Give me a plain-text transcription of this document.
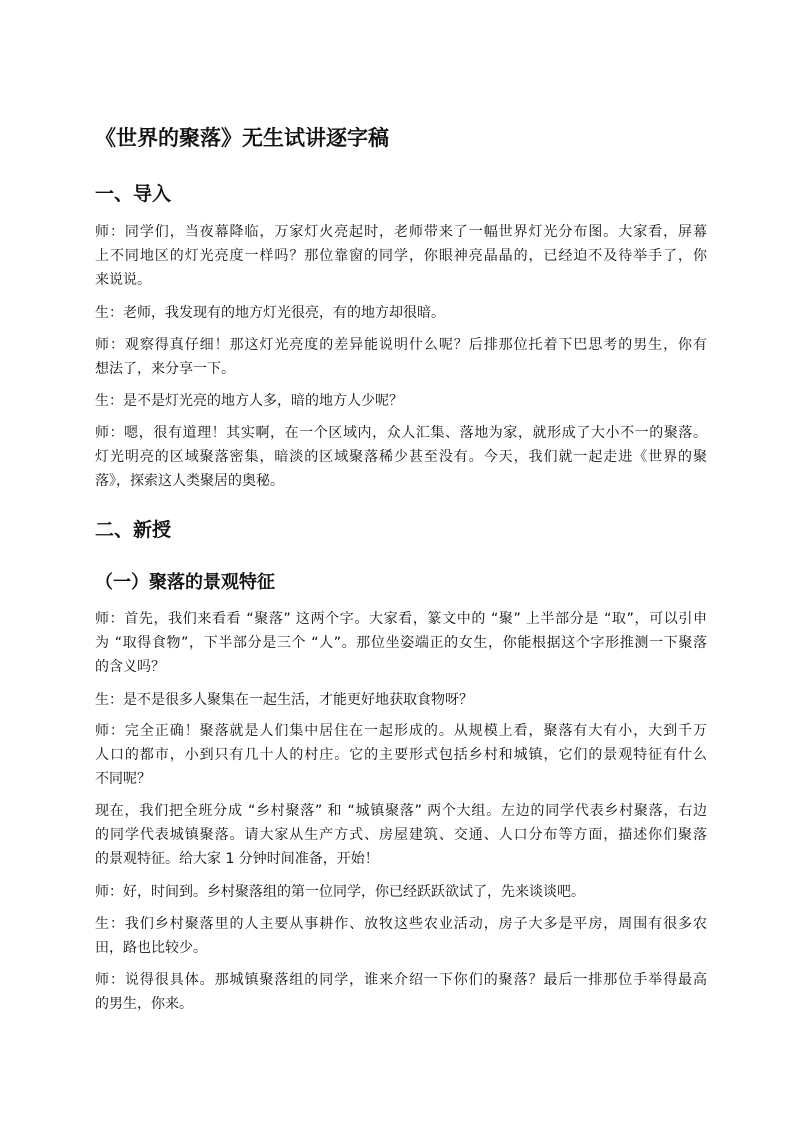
《世界的聚落》无生试讲逐字稿
一、导入
师：同学们，当夜幕降临，万家灯火亮起时，老师带来了一幅世界灯光分布图。大家看，屏幕
上不同地区的灯光亮度一样吗？那位靠窗的同学，你眼神亮晶晶的，已经迫不及待举手了，你
来说说。
生：老师，我发现有的地方灯光很亮，有的地方却很暗。
师：观察得真仔细！那这灯光亮度的差异能说明什么呢？后排那位托着下巴思考的男生，你有
想法了，来分享一下。
生：是不是灯光亮的地方人多，暗的地方人少呢？
师：嗯，很有道理！其实啊，在一个区域内，众人汇集、落地为家，就形成了大小不一的聚落。
灯光明亮的区域聚落密集，暗淡的区域聚落稀少甚至没有。今天，我们就一起走进《世界的聚
落》，探索这人类聚居的奥秘。
二、新授
（一）聚落的景观特征
师：首先，我们来看看 “聚落” 这两个字。大家看，篆文中的 “聚” 上半部分是 “取”，可以引申
为 “取得食物”，下半部分是三个 “人”。那位坐姿端正的女生，你能根据这个字形推测一下聚落
的含义吗？
生：是不是很多人聚集在一起生活，才能更好地获取食物呀？
师：完全正确！聚落就是人们集中居住在一起形成的。从规模上看，聚落有大有小，大到千万
人口的都市，小到只有几十人的村庄。它的主要形式包括乡村和城镇，它们的景观特征有什么
不同呢？
现在，我们把全班分成 “乡村聚落” 和 “城镇聚落” 两个大组。左边的同学代表乡村聚落，右边
的同学代表城镇聚落。请大家从生产方式、房屋建筑、交通、人口分布等方面，描述你们聚落
的景观特征。给大家 1 分钟时间准备，开始！
师：好，时间到。乡村聚落组的第一位同学，你已经跃跃欲试了，先来谈谈吧。
生：我们乡村聚落里的人主要从事耕作、放牧这些农业活动，房子大多是平房，周围有很多农
田，路也比较少。
师：说得很具体。那城镇聚落组的同学，谁来介绍一下你们的聚落？最后一排那位手举得最高
的男生，你来。
